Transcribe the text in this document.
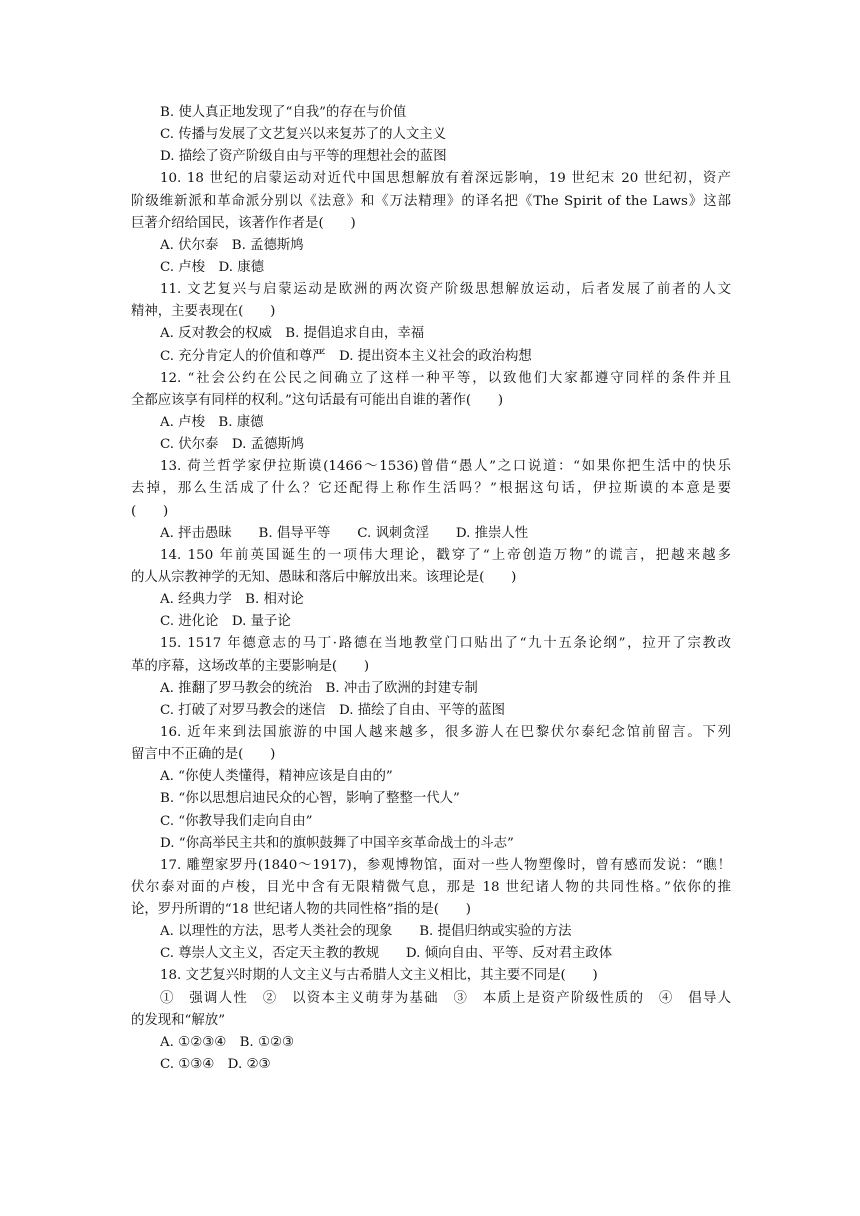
B. 使人真正地发现了“自我”的存在与价值
C. 传播与发展了文艺复兴以来复苏了的人文主义
D. 描绘了资产阶级自由与平等的理想社会的蓝图
10. 18 世纪的启蒙运动对近代中国思想解放有着深远影响，19 世纪末 20 世纪初，资产
阶级维新派和革命派分别以《法意》和《万法精理》的译名把《The Spirit of the Laws》这部
巨著介绍给国民，该著作作者是(　　)
A. 伏尔泰　B. 孟德斯鸠
C. 卢梭　D. 康德
11. 文艺复兴与启蒙运动是欧洲的两次资产阶级思想解放运动，后者发展了前者的人文
精神，主要表现在(　　)
A. 反对教会的权威　B. 提倡追求自由，幸福
C. 充分肯定人的价值和尊严　D. 提出资本主义社会的政治构想
12. “社会公约在公民之间确立了这样一种平等，以致他们大家都遵守同样的条件并且
全都应该享有同样的权利。”这句话最有可能出自谁的著作(　　)
A. 卢梭　B. 康德
C. 伏尔泰　D. 孟德斯鸠
13. 荷兰哲学家伊拉斯谟(1466～1536)曾借“愚人”之口说道：“如果你把生活中的快乐
去掉，那么生活成了什么？它还配得上称作生活吗？”根据这句话，伊拉斯谟的本意是要
(　　)
A. 抨击愚昧　　B. 倡导平等　　C. 讽刺贪淫　　D. 推崇人性
14. 150 年前英国诞生的一项伟大理论，戳穿了“上帝创造万物”的谎言，把越来越多
的人从宗教神学的无知、愚昧和落后中解放出来。该理论是(　　)
A. 经典力学　B. 相对论
C. 进化论　D. 量子论
15. 1517 年德意志的马丁·路德在当地教堂门口贴出了“九十五条论纲”，拉开了宗教改
革的序幕，这场改革的主要影响是(　　)
A. 推翻了罗马教会的统治　B. 冲击了欧洲的封建专制
C. 打破了对罗马教会的迷信　D. 描绘了自由、平等的蓝图
16. 近年来到法国旅游的中国人越来越多，很多游人在巴黎伏尔泰纪念馆前留言。下列
留言中不正确的是(　　)
A. “你使人类懂得，精神应该是自由的”
B. “你以思想启迪民众的心智，影响了整整一代人”
C. “你教导我们走向自由”
D. “你高举民主共和的旗帜鼓舞了中国辛亥革命战士的斗志”
17. 雕塑家罗丹(1840～1917)，参观博物馆，面对一些人物塑像时，曾有感而发说：“瞧！
伏尔泰对面的卢梭，目光中含有无限精微气息，那是 18 世纪诸人物的共同性格。”依你的推
论，罗丹所谓的“18 世纪诸人物的共同性格”指的是(　　)
A. 以理性的方法，思考人类社会的现象　　B. 提倡归纳或实验的方法
C. 尊崇人文主义，否定天主教的教规　　D. 倾向自由、平等、反对君主政体
18. 文艺复兴时期的人文主义与古希腊人文主义相比，其主要不同是(　　)
①　强调人性　②　以资本主义萌芽为基础　③　本质上是资产阶级性质的　④　倡导人
的发现和“解放”
A. ①②③④　B. ①②③
C. ①③④　D. ②③
